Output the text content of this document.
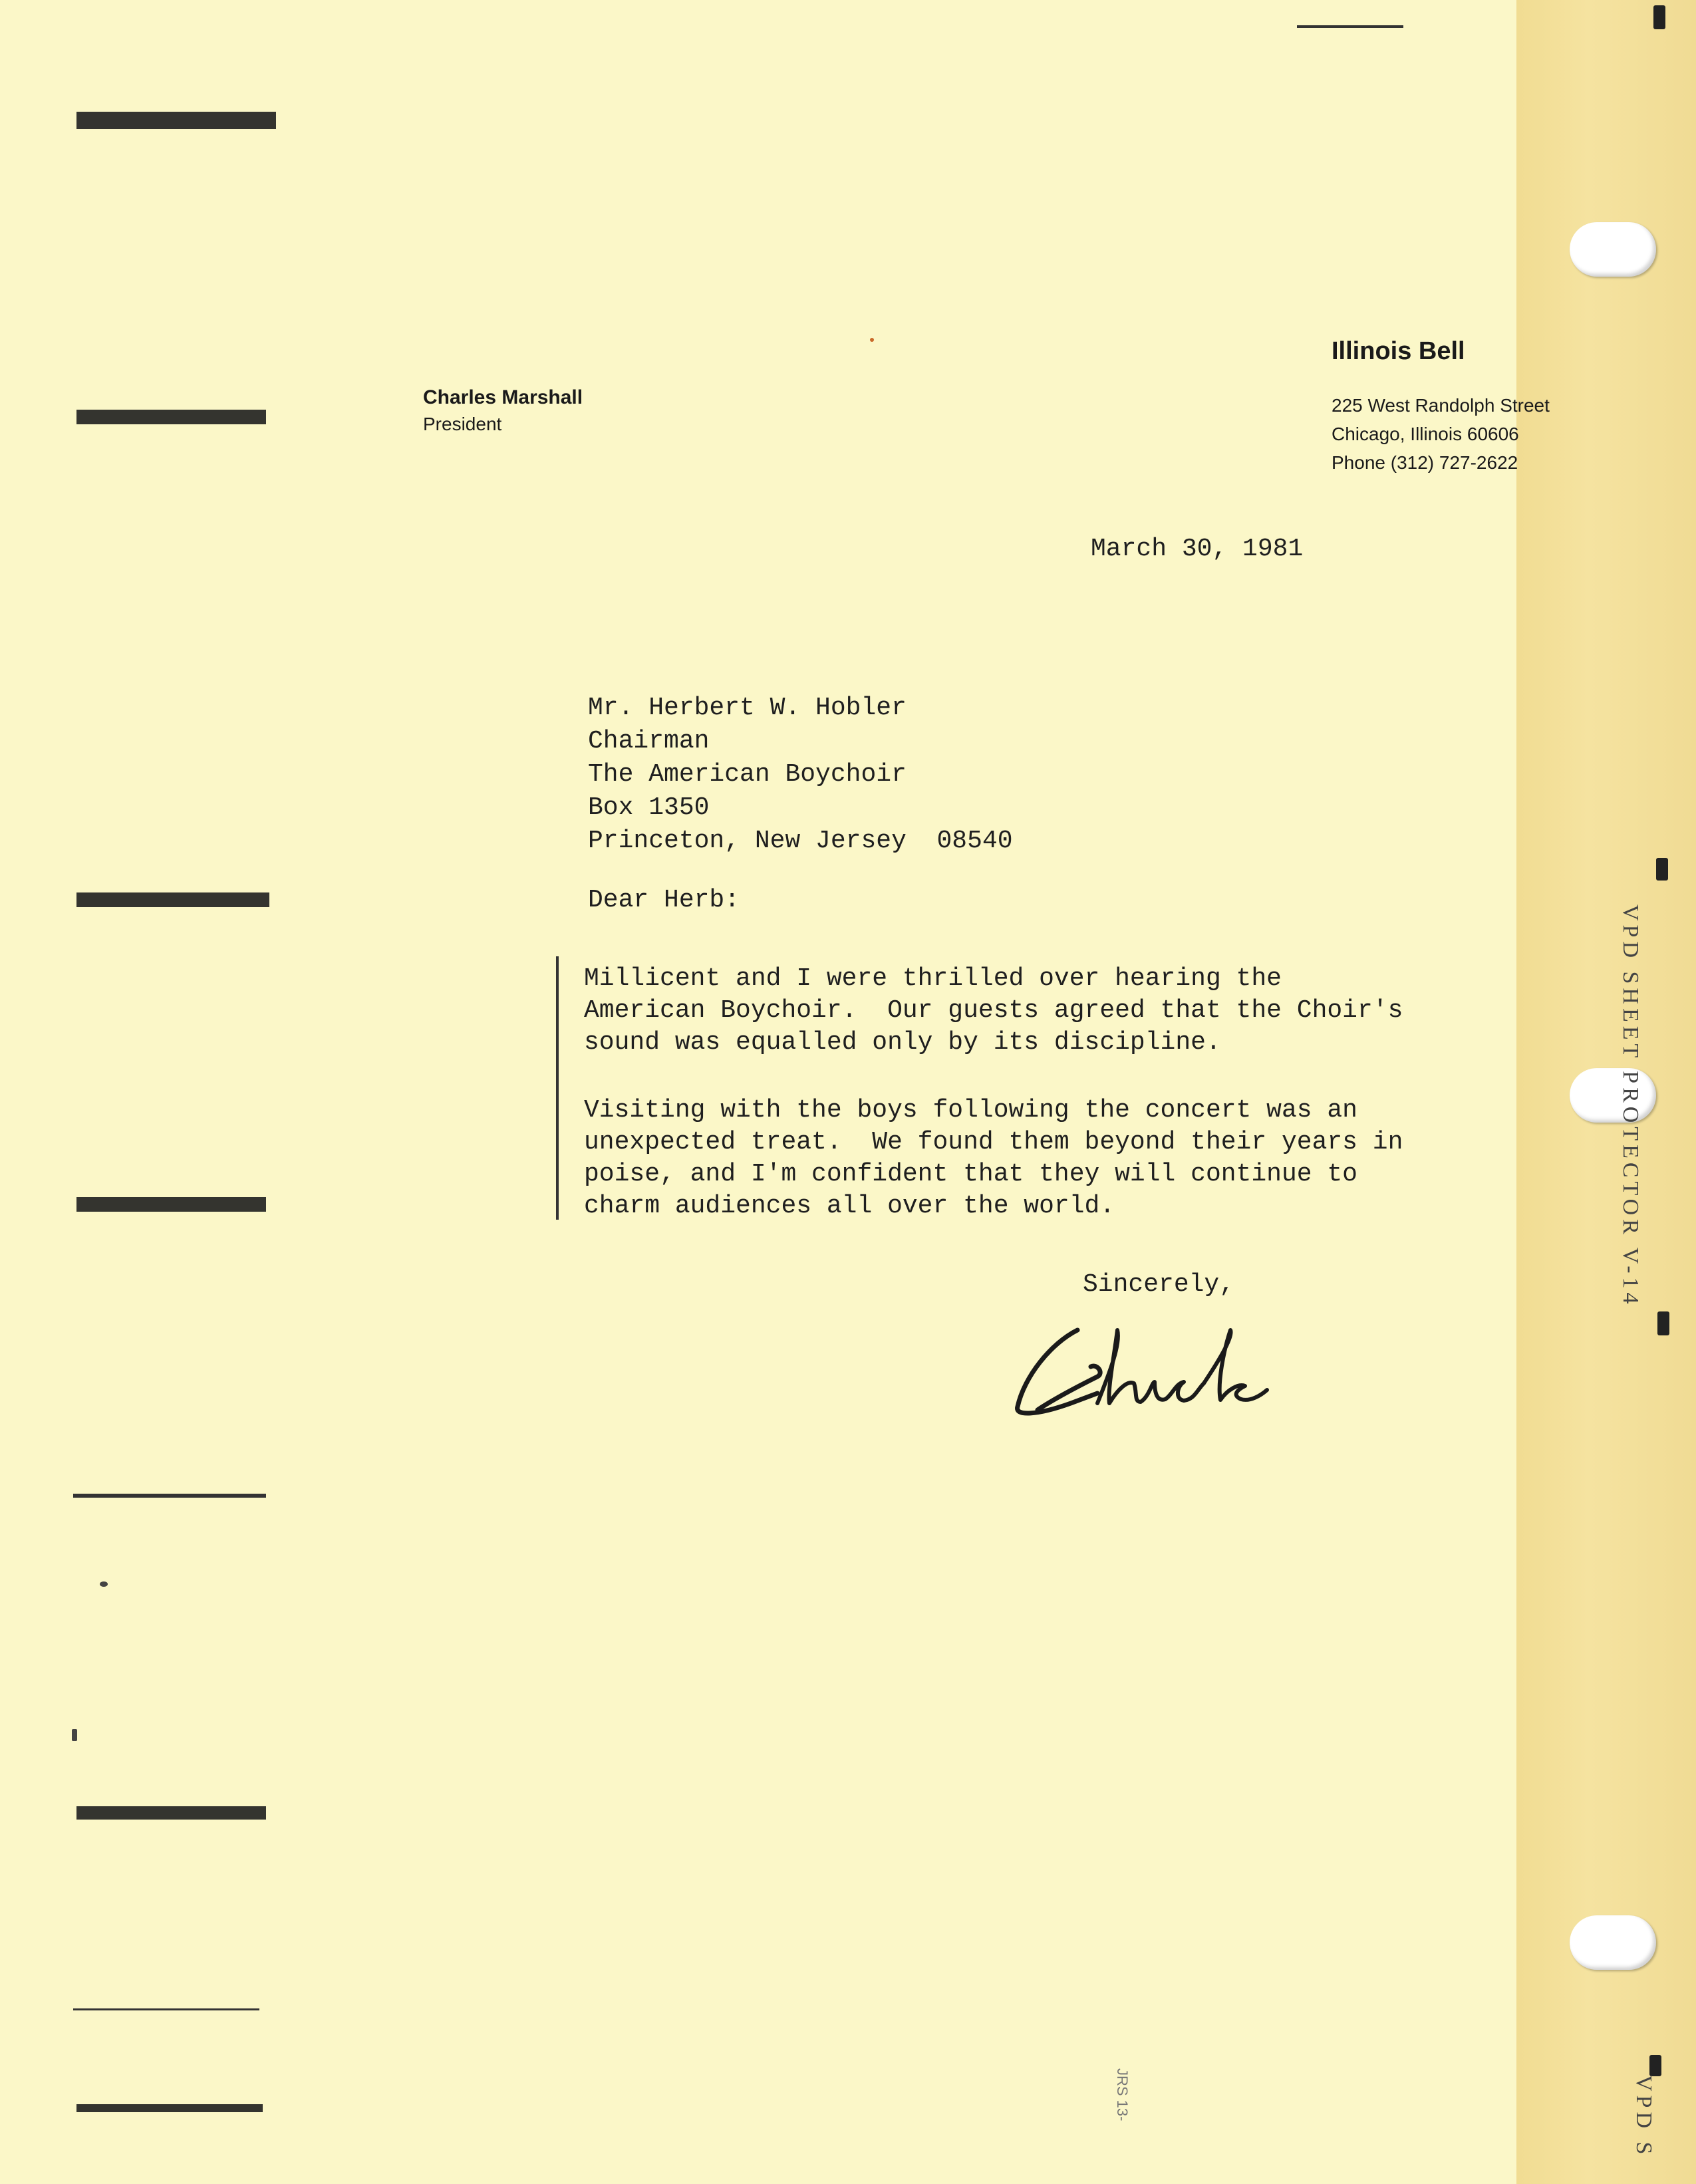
VPD SHEET PROTECTOR V-14
VPD S
Charles Marshall
President
Illinois Bell
225 West Randolph Street
Chicago, Illinois 60606
Phone (312) 727-2622
March 30, 1981
Mr. Herbert W. Hobler
Chairman
The American Boychoir
Box 1350
Princeton, New Jersey  08540
Dear Herb:
Millicent and I were thrilled over hearing the
American Boychoir.  Our guests agreed that the Choir's
sound was equalled only by its discipline.
Visiting with the boys following the concert was an
unexpected treat.  We found them beyond their years in
poise, and I'm confident that they will continue to
charm audiences all over the world.
Sincerely,
Chuck
JRS 13-
